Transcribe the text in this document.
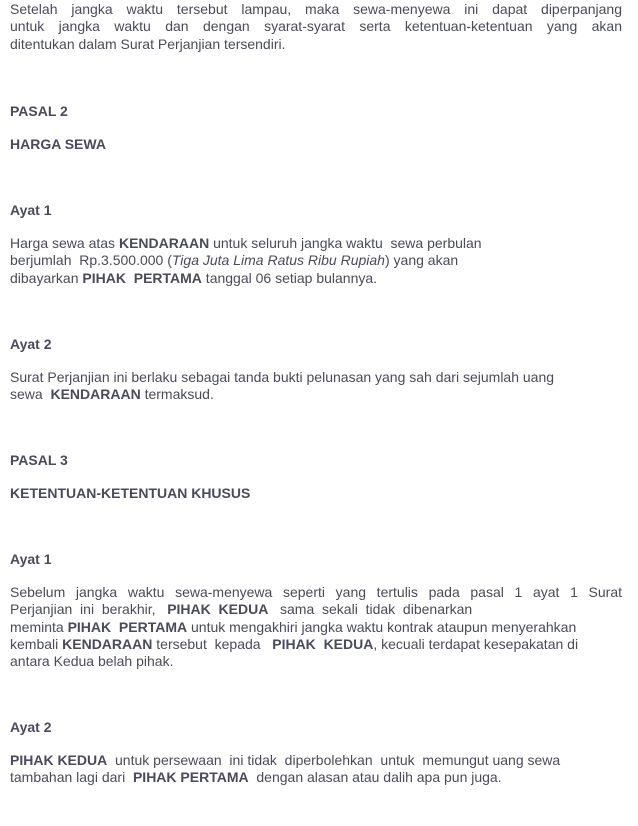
Setelah jangka waktu tersebut lampau, maka sewa-menyewa ini dapat diperpanjang
untuk jangka waktu dan dengan syarat-syarat serta ketentuan-ketentuan yang akan
ditentukan dalam Surat Perjanjian tersendiri.
PASAL 2
HARGA SEWA
Ayat 1
Harga sewa atas KENDARAAN untuk seluruh jangka waktu  sewa perbulan
berjumlah  Rp.3.500.000 (Tiga Juta Lima Ratus Ribu Rupiah) yang akan
dibayarkan PIHAK  PERTAMA tanggal 06 setiap bulannya.
Ayat 2
Surat Perjanjian ini berlaku sebagai tanda bukti pelunasan yang sah dari sejumlah uang
sewa  KENDARAAN termaksud.
PASAL 3
KETENTUAN-KETENTUAN KHUSUS
Ayat 1
Sebelum jangka waktu sewa-menyewa seperti yang tertulis pada pasal 1 ayat 1 Surat
Perjanjian  ini  berakhir,   PIHAK  KEDUA   sama  sekali  tidak  dibenarkan
meminta PIHAK  PERTAMA untuk mengakhiri jangka waktu kontrak ataupun menyerahkan
kembali KENDARAAN tersebut  kepada   PIHAK  KEDUA, kecuali terdapat kesepakatan di
antara Kedua belah pihak.
Ayat 2
PIHAK KEDUA  untuk persewaan  ini tidak  diperbolehkan  untuk  memungut uang sewa
tambahan lagi dari  PIHAK PERTAMA  dengan alasan atau dalih apa pun juga.
